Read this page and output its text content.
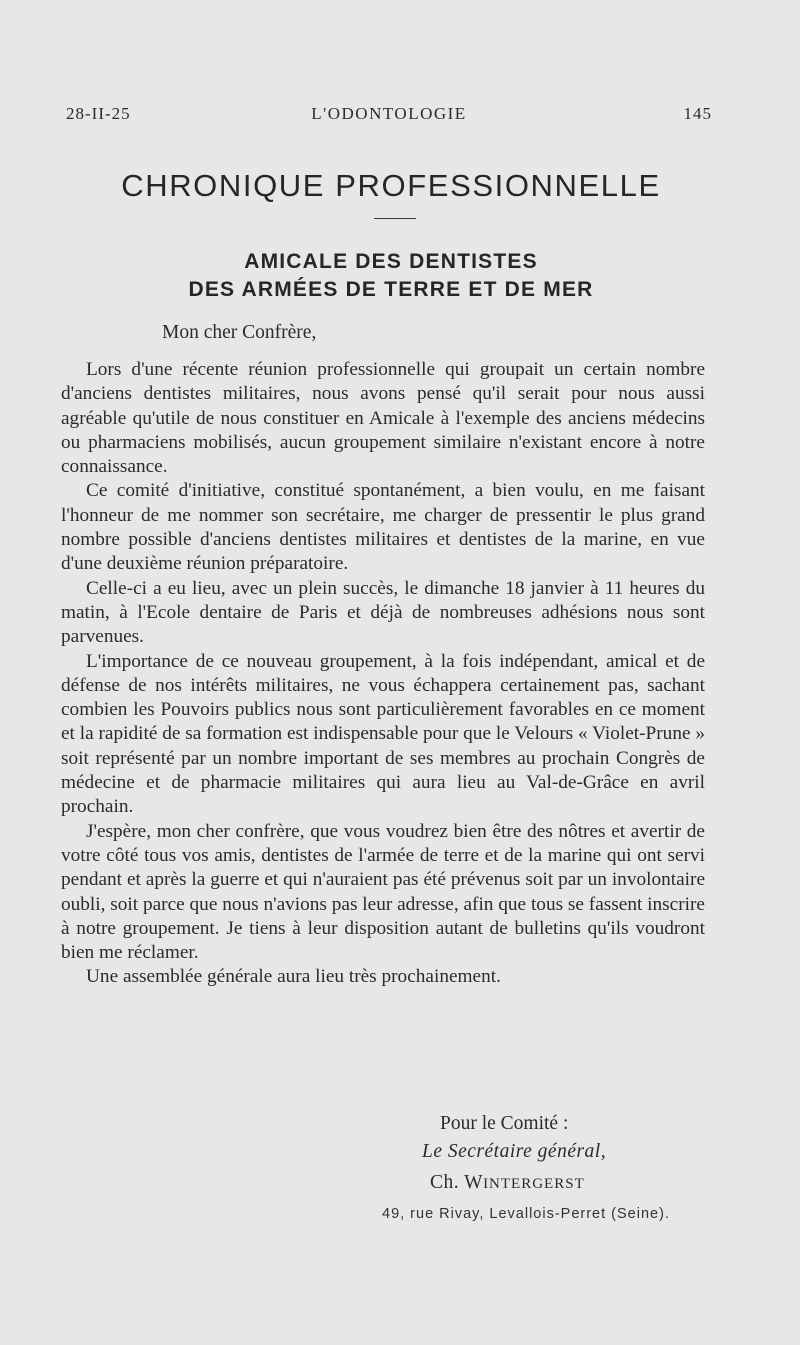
28-II-25	L'ODONTOLOGIE	145
CHRONIQUE PROFESSIONNELLE
AMICALE DES DENTISTES
DES ARMÉES DE TERRE ET DE MER
Mon cher Confrère,

Lors d'une récente réunion professionnelle qui groupait un certain nombre d'anciens dentistes militaires, nous avons pensé qu'il serait pour nous aussi agréable qu'utile de nous constituer en Amicale à l'exemple des anciens médecins ou pharmaciens mobilisés, aucun groupement similaire n'existant encore à notre connaissance.

Ce comité d'initiative, constitué spontanément, a bien voulu, en me faisant l'honneur de me nommer son secrétaire, me charger de pressentir le plus grand nombre possible d'anciens dentistes militaires et dentistes de la marine, en vue d'une deuxième réunion préparatoire.

Celle-ci a eu lieu, avec un plein succès, le dimanche 18 janvier à 11 heures du matin, à l'Ecole dentaire de Paris et déjà de nombreuses adhésions nous sont parvenues.

L'importance de ce nouveau groupement, à la fois indépendant, amical et de défense de nos intérêts militaires, ne vous échappera certainement pas, sachant combien les Pouvoirs publics nous sont particulièrement favorables en ce moment et la rapidité de sa formation est indispensable pour que le Velours « Violet-Prune » soit représenté par un nombre important de ses membres au prochain Congrès de médecine et de pharmacie militaires qui aura lieu au Val-de-Grâce en avril prochain.

J'espère, mon cher confrère, que vous voudrez bien être des nôtres et avertir de votre côté tous vos amis, dentistes de l'armée de terre et de la marine qui ont servi pendant et après la guerre et qui n'auraient pas été prévenus soit par un involontaire oubli, soit parce que nous n'avions pas leur adresse, afin que tous se fassent inscrire à notre groupement. Je tiens à leur disposition autant de bulletins qu'ils voudront bien me réclamer.

Une assemblée générale aura lieu très prochainement.

Pour le Comité :
Le Secrétaire général,
Ch. WINTERGERST
49, rue Rivay, Levallois-Perret (Seine).
